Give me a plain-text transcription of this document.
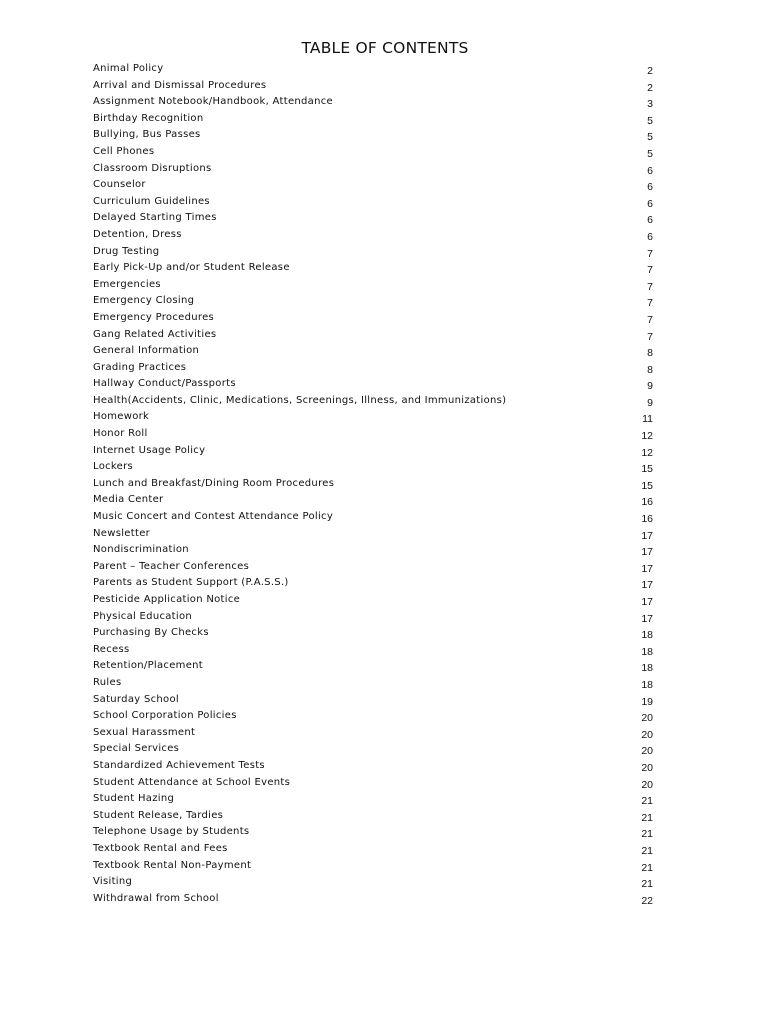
TABLE OF CONTENTS
Animal Policy	2
Arrival and Dismissal Procedures	2
Assignment Notebook/Handbook, Attendance	3
Birthday Recognition	5
Bullying, Bus Passes	5
Cell Phones	5
Classroom Disruptions	6
Counselor	6
Curriculum Guidelines	6
Delayed Starting Times	6
Detention, Dress	6
Drug Testing	7
Early Pick-Up and/or Student Release	7
Emergencies	7
Emergency Closing	7
Emergency Procedures	7
Gang Related Activities	7
General Information	8
Grading Practices	8
Hallway Conduct/Passports	9
Health(Accidents, Clinic, Medications, Screenings, Illness, and Immunizations)	9
Homework	11
Honor Roll	12
Internet Usage Policy	12
Lockers	15
Lunch and Breakfast/Dining Room Procedures	15
Media Center	16
Music Concert and Contest Attendance Policy	16
Newsletter	17
Nondiscrimination	17
Parent – Teacher Conferences	17
Parents as Student Support (P.A.S.S.)	17
Pesticide Application Notice	17
Physical Education	17
Purchasing By Checks	18
Recess	18
Retention/Placement	18
Rules	18
Saturday School	19
School Corporation Policies	20
Sexual Harassment	20
Special Services	20
Standardized Achievement Tests	20
Student Attendance at School Events	20
Student Hazing	21
Student Release, Tardies	21
Telephone Usage by Students	21
Textbook Rental and Fees	21
Textbook Rental Non-Payment	21
Visiting	21
Withdrawal from School	22
